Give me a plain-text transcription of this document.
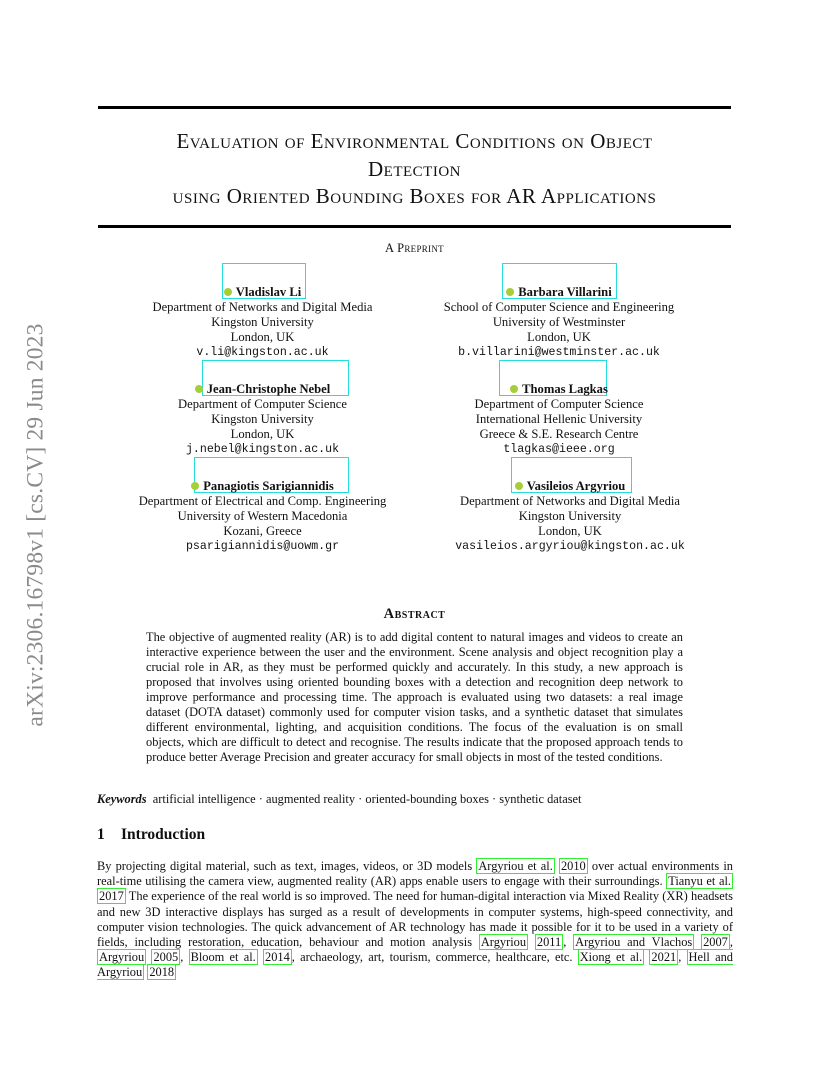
arXiv:2306.16798v1 [cs.CV] 29 Jun 2023
Evaluation of Environmental Conditions on Object
Detection
using Oriented Bounding Boxes for AR Applications
A Preprint
Vladislav Li
Department of Networks and Digital Media
Kingston University
London, UK
v.li@kingston.ac.uk
Barbara Villarini
School of Computer Science and Engineering
University of Westminster
London, UK
b.villarini@westminster.ac.uk
Jean-Christophe Nebel
Department of Computer Science
Kingston University
London, UK
j.nebel@kingston.ac.uk
Thomas Lagkas
Department of Computer Science
International Hellenic University
Greece & S.E. Research Centre
tlagkas@ieee.org
Panagiotis Sarigiannidis
Department of Electrical and Comp. Engineering
University of Western Macedonia
Kozani, Greece
psarigiannidis@uowm.gr
Vasileios Argyriou
Department of Networks and Digital Media
Kingston University
London, UK
vasileios.argyriou@kingston.ac.uk
Abstract
The objective of augmented reality (AR) is to add digital content to natural images and videos to create an interactive experience between the user and the environment. Scene analysis and object recognition play a crucial role in AR, as they must be performed quickly and accurately. In this study, a new approach is proposed that involves using oriented bounding boxes with a detection and recognition deep network to improve performance and processing time. The approach is evaluated using two datasets: a real image dataset (DOTA dataset) commonly used for computer vision tasks, and a synthetic dataset that simulates different environmental, lighting, and acquisition conditions. The focus of the evaluation is on small objects, which are difficult to detect and recognise. The results indicate that the proposed approach tends to produce better Average Precision and greater accuracy for small objects in most of the tested conditions.
Keywords artificial intelligence · augmented reality · oriented-bounding boxes · synthetic dataset
1 Introduction
By projecting digital material, such as text, images, videos, or 3D models Argyriou et al. 2010 over actual environments in real-time utilising the camera view, augmented reality (AR) apps enable users to engage with their surroundings. Tianyu et al. 2017 The experience of the real world is so improved. The need for human-digital interaction via Mixed Reality (XR) headsets and new 3D interactive displays has surged as a result of developments in computer systems, high-speed connectivity, and computer vision technologies. The quick advancement of AR technology has made it possible for it to be used in a variety of fields, including restoration, education, behaviour and motion analysis Argyriou 2011 , Argyriou and Vlachos 2007 , Argyriou 2005 , Bloom et al. 2014 , archaeology, art, tourism, commerce, healthcare, etc. Xiong et al. 2021 , Hell and Argyriou 2018
